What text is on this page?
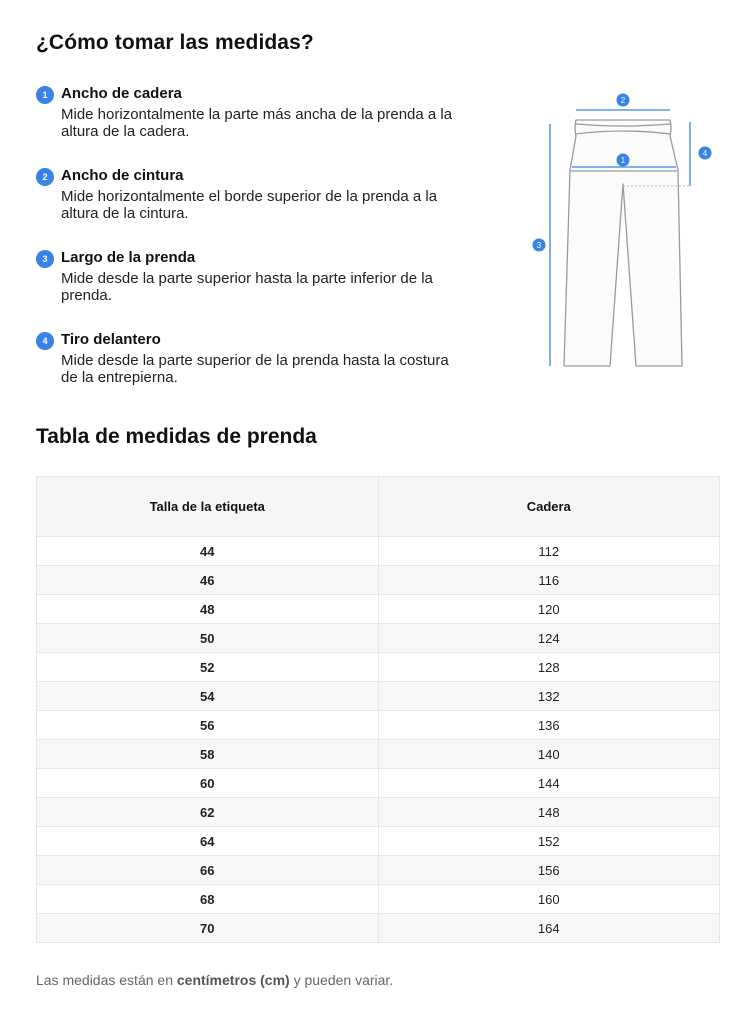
¿Cómo tomar las medidas?
1 Ancho de cadera
Mide horizontalmente la parte más ancha de la prenda a la altura de la cadera.
2 Ancho de cintura
Mide horizontalmente el borde superior de la prenda a la altura de la cintura.
3 Largo de la prenda
Mide desde la parte superior hasta la parte inferior de la prenda.
4 Tiro delantero
Mide desde la parte superior de la prenda hasta la costura de la entrepierna.
2
1
3
4
Tabla de medidas de prenda
Talla de la etiqueta	Cadera
44	112
46	116
48	120
50	124
52	128
54	132
56	136
58	140
60	144
62	148
64	152
66	156
68	160
70	164

Las medidas están en centímetros (cm) y pueden variar.
